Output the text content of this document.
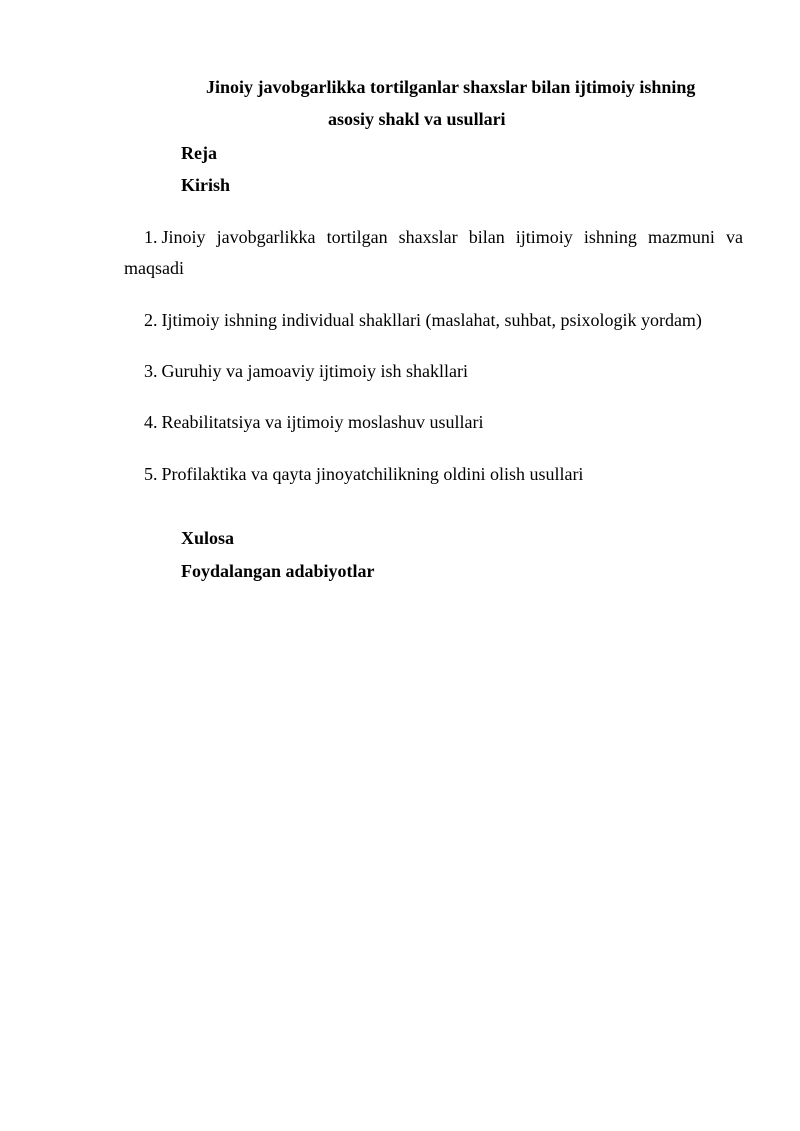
Jinoiy javobgarlikka tortilganlar shaxslar bilan ijtimoiy ishning
asosiy shakl va usullari
Reja
Kirish
1. Jinoiy javobgarlikka tortilgan shaxslar bilan ijtimoiy ishning mazmuni va
maqsadi
2. Ijtimoiy ishning individual shakllari (maslahat, suhbat, psixologik yordam)
3. Guruhiy va jamoaviy ijtimoiy ish shakllari
4. Reabilitatsiya va ijtimoiy moslashuv usullari
5. Profilaktika va qayta jinoyatchilikning oldini olish usullari
Xulosa
Foydalangan adabiyotlar
